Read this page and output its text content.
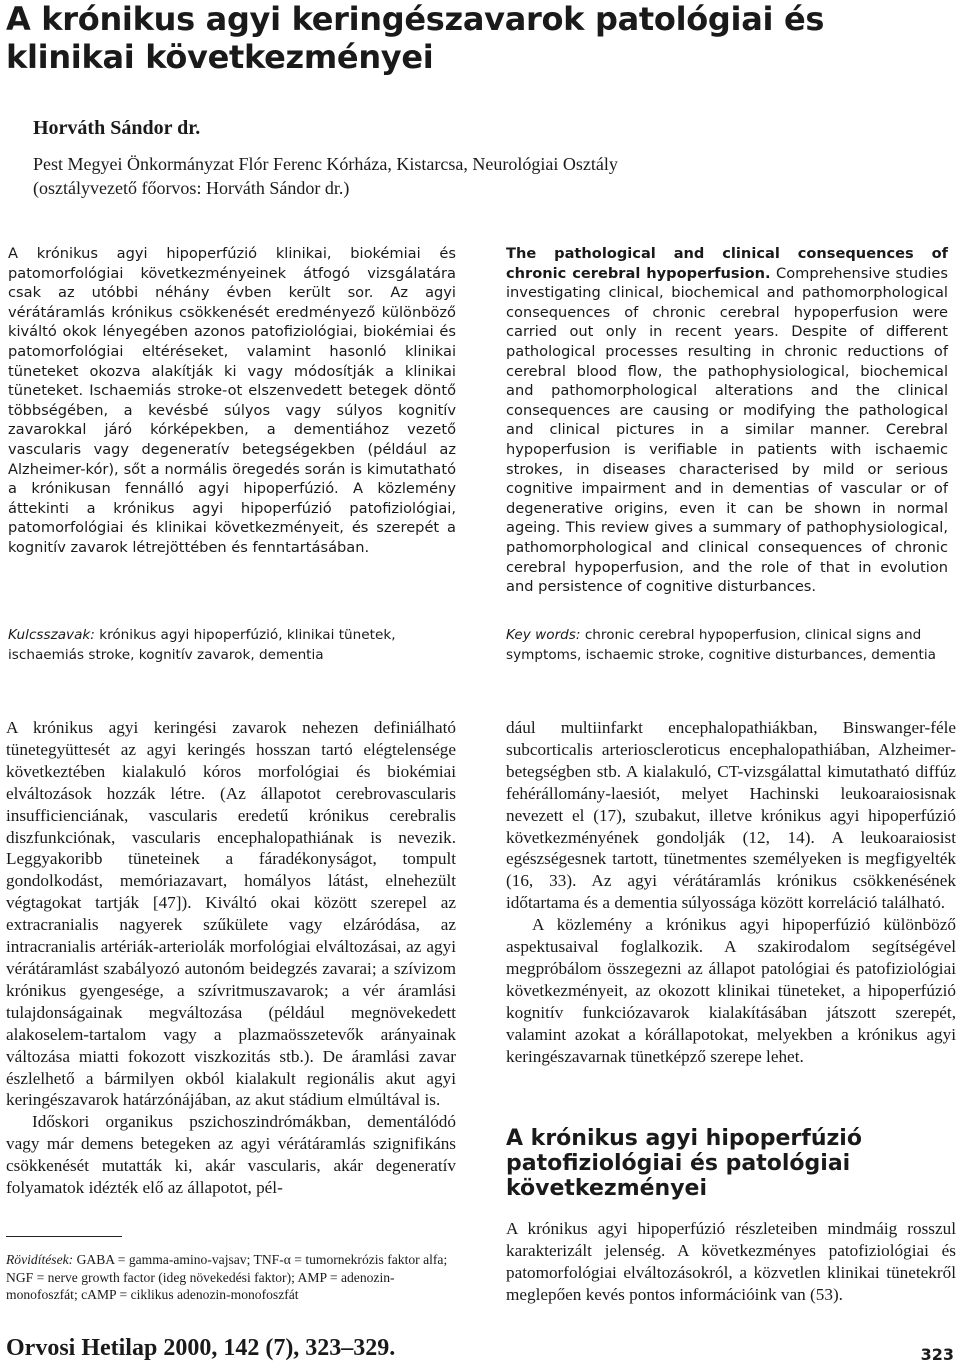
A krónikus agyi keringészavarok patológiai és klinikai következményei

Horváth Sándor dr.

Pest Megyei Önkormányzat Flór Ferenc Kórháza, Kistarcsa, Neurológiai Osztály
(osztályvezető főorvos: Horváth Sándor dr.)

A krónikus agyi hipoperfúzió klinikai, biokémiai és patomorfológiai következményeinek átfogó vizsgálatára csak az utóbbi néhány évben került sor. Az agyi vérátáramlás krónikus csökkenését eredményező különböző kiváltó okok lényegében azonos patofiziológiai, biokémiai és patomorfológiai eltéréseket, valamint hasonló klinikai tüneteket okozva alakítják ki vagy módosítják a klinikai tüneteket. Ischaemiás stroke-ot elszenvedett betegek döntő többségében, a kevésbé súlyos vagy súlyos kognitív zavarokkal járó kórképekben, a dementiához vezető vascularis vagy degeneratív betegségekben (például az Alzheimer-kór), sőt a normális öregedés során is kimutatható a krónikusan fennálló agyi hipoperfúzió. A közlemény áttekinti a krónikus agyi hipoperfúzió patofiziológiai, patomorfológiai és klinikai következményeit, és szerepét a kognitív zavarok létrejöttében és fenntartásában.

The pathological and clinical consequences of chronic cerebral hypoperfusion. Comprehensive studies investigating clinical, biochemical and pathomorphological consequences of chronic cerebral hypoperfusion were carried out only in recent years. Despite of different pathological processes resulting in chronic reductions of cerebral blood flow, the pathophysiological, biochemical and pathomorphological alterations and the clinical consequences are causing or modifying the pathological and clinical pictures in a similar manner. Cerebral hypoperfusion is verifiable in patients with ischaemic strokes, in diseases characterised by mild or serious cognitive impairment and in dementias of vascular or of degenerative origins, even it can be shown in normal ageing. This review gives a summary of pathophysiological, pathomorphological and clinical consequences of chronic cerebral hypoperfusion, and the role of that in evolution and persistence of cognitive disturbances.

Kulcsszavak: krónikus agyi hipoperfúzió, klinikai tünetek, ischaemiás stroke, kognitív zavarok, dementia

Key words: chronic cerebral hypoperfusion, clinical signs and symptoms, ischaemic stroke, cognitive disturbances, dementia

A krónikus agyi keringési zavarok nehezen definiálható tünetegyüttesét az agyi keringés hosszan tartó elégtelensége következtében kialakuló kóros morfológiai és biokémiai elváltozások hozzák létre. (Az állapotot cerebrovascularis insufficienciának, vascularis eredetű krónikus cerebralis diszfunkciónak, vascularis encephalopathiának is nevezik. Leggyakoribb tüneteinek a fáradékonyságot, tompult gondolkodást, memóriazavart, homályos látást, elnehezült végtagokat tartják [47]). Kiváltó okai között szerepel az extracranialis nagyerek szűkülete vagy elzáródása, az intracranialis artériák-arteriolák morfológiai elváltozásai, az agyi vérátáramlást szabályozó autonóm beidegzés zavarai; a szívizom krónikus gyengesége, a szívritmuszavarok; a vér áramlási tulajdonságainak megváltozása (például megnövekedett alakoselem-tartalom vagy a plazmaösszetevők arányainak változása miatti fokozott viszkozitás stb.). De áramlási zavar észlelhető a bármilyen okból kialakult regionális akut agyi keringészavarok határzónájában, az akut stádium elmúltával is.

Időskori organikus pszichoszindrómákban, dementálódó vagy már demens betegeken az agyi vérátáramlás szignifikáns csökkenését mutatták ki, akár vascularis, akár degeneratív folyamatok idézték elő az állapotot, pél-

dául multiinfarkt encephalopathiákban, Binswanger-féle subcorticalis arterioscleroticus encephalopathiában, Alzheimer-betegségben stb. A kialakuló, CT-vizsgálattal kimutatható diffúz fehérállomány-laesiót, melyet Hachinski leukoaraiosisnak nevezett el (17), szubakut, illetve krónikus agyi hipoperfúzió következményének gondolják (12, 14). A leukoaraiosist egészségesnek tartott, tünetmentes személyeken is megfigyelték (16, 33). Az agyi vérátáramlás krónikus csökkenésének időtartama és a dementia súlyossága között korreláció található.

A közlemény a krónikus agyi hipoperfúzió különböző aspektusaival foglalkozik. A szakirodalom segítségével megpróbálom összegezni az állapot patológiai és patofiziológiai következményeit, az okozott klinikai tüneteket, a hipoperfúzió kognitív funkciózavarok kialakításában játszott szerepét, valamint azokat a kórállapotokat, melyekben a krónikus agyi keringészavarnak tünetképző szerepe lehet.

A krónikus agyi hipoperfúzió patofiziológiai és patológiai következményei

A krónikus agyi hipoperfúzió részleteiben mindmáig rosszul karakterizált jelenség. A következményes patofiziológiai és patomorfológiai elváltozásokról, a közvetlen klinikai tünetekről meglepően kevés pontos információink van (53).

Rövidítések: GABA = gamma-amino-vajsav; TNF-α = tumornekrózis faktor alfa; NGF = nerve growth factor (ideg növekedési faktor); AMP = adenozin-monofoszfát; cAMP = ciklikus adenozin-monofoszfát

Orvosi Hetilap 2000, 142 (7), 323–329.	323
